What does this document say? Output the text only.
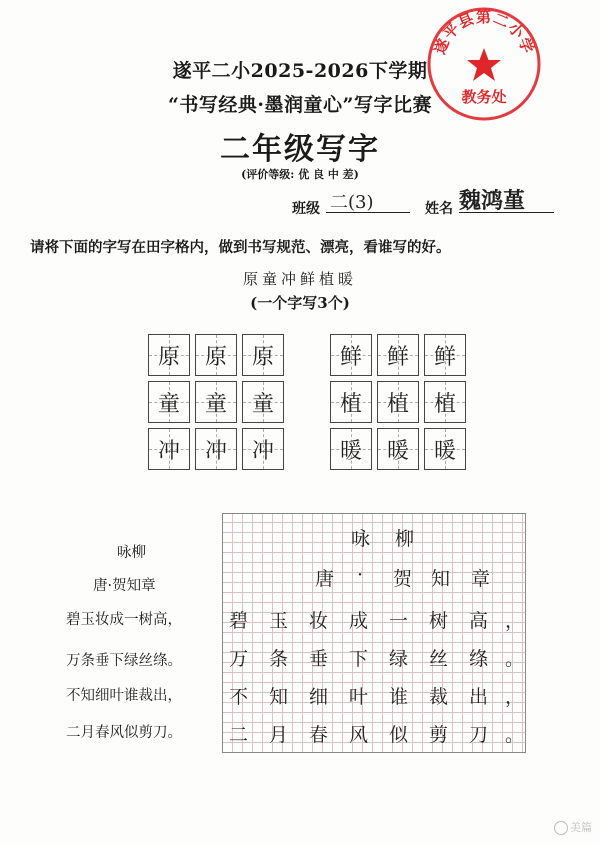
遂平二小2025-2026下学期
“书写经典·墨润童心”写字比赛
二年级写字
(评价等级: 优 良 中 差)
班级 二(3)	姓名 魏鸿堇
请将下面的字写在田字格内，做到书写规范、漂亮，看谁写的好。
原童冲鲜植暖
(一个字写3个)
原 原 原
童 童 童
冲 冲 冲
鲜 鲜 鲜
植 植 植
暖 暖 暖
咏柳
唐·贺知章
碧玉妆成一树高，
万条垂下绿丝绦。
不知细叶谁裁出，
二月春风似剪刀。
咏 柳
唐 · 贺 知 章
碧 玉 妆 成 一 树 高 ，
万 条 垂 下 绿 丝 绦 。
不 知 细 叶 谁 裁 出 ，
二 月 春 风 似 剪 刀 。
遂平县第二小学
教务处
美篇
